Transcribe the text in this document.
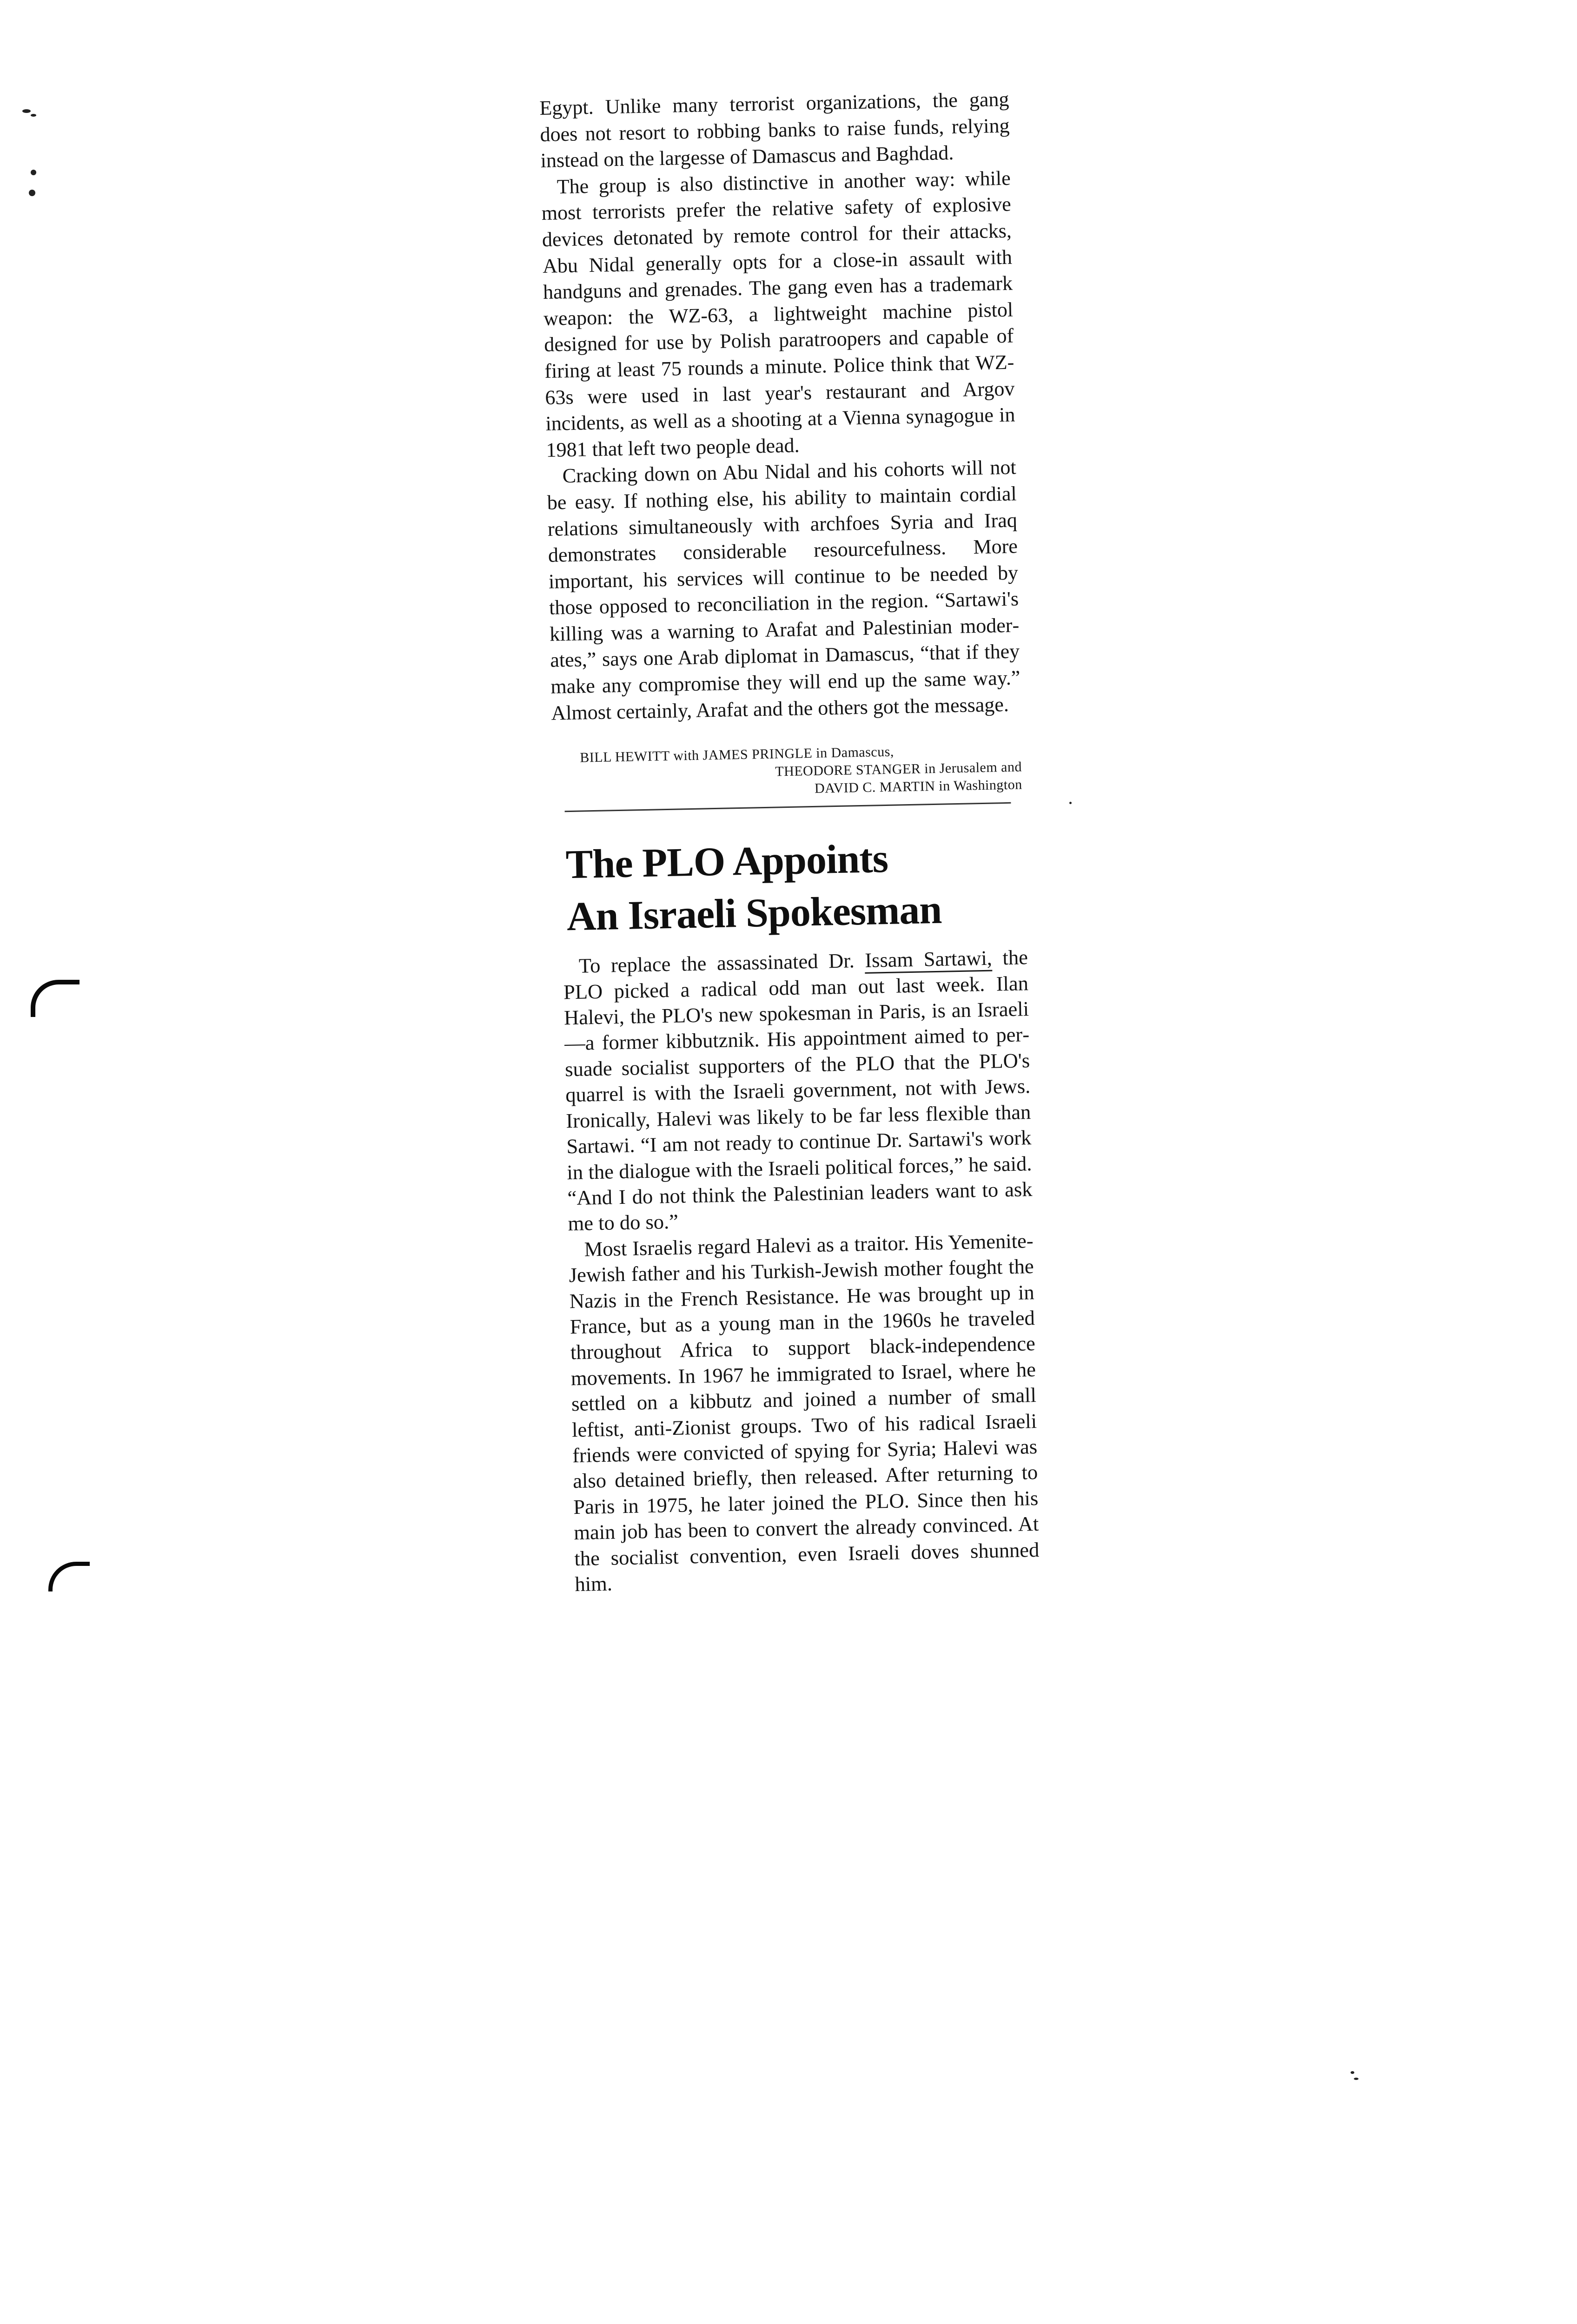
Egypt. Unlike many terrorist organizations, the gang does not resort to robbing banks to raise funds, relying instead on the largesse of Damascus and Baghdad.

The group is also distinctive in another way: while most terrorists prefer the relative safety of explosive devices detonated by remote control for their attacks, Abu Nidal generally opts for a close-in assault with handguns and grenades. The gang even has a trademark weapon: the WZ-63, a lightweight machine pistol designed for use by Polish paratroopers and capable of firing at least 75 rounds a minute. Police think that WZ-63s were used in last year's restaurant and Argov incidents, as well as a shooting at a Vienna synagogue in 1981 that left two people dead.

Cracking down on Abu Nidal and his cohorts will not be easy. If nothing else, his ability to maintain cordial relations simultaneously with archfoes Syria and Iraq demonstrates considerable resourcefulness. More important, his services will continue to be needed by those opposed to reconciliation in the region. “Sartawi's killing was a warning to Arafat and Palestinian moderates,” says one Arab diplomat in Damascus, “that if they make any compromise they will end up the same way.” Almost certainly, Arafat and the others got the message.

BILL HEWITT with JAMES PRINGLE in Damascus,
THEODORE STANGER in Jerusalem and
DAVID C. MARTIN in Washington
The PLO Appoints
An Israeli Spokesman

To replace the assassinated Dr. Issam Sartawi, the PLO picked a radical odd man out last week. Ilan Halevi, the PLO's new spokesman in Paris, is an Israeli—a former kibbutznik. His appointment aimed to persuade socialist supporters of the PLO that the PLO's quarrel is with the Israeli government, not with Jews. Ironically, Halevi was likely to be far less flexible than Sartawi. “I am not ready to continue Dr. Sartawi's work in the dialogue with the Israeli political forces,” he said. “And I do not think the Palestinian leaders want to ask me to do so.”

Most Israelis regard Halevi as a traitor. His Yemenite-Jewish father and his Turkish-Jewish mother fought the Nazis in the French Resistance. He was brought up in France, but as a young man in the 1960s he traveled throughout Africa to support black-independence movements. In 1967 he immigrated to Israel, where he settled on a kibbutz and joined a number of small leftist, anti-Zionist groups. Two of his radical Israeli friends were convicted of spying for Syria; Halevi was also detained briefly, then released. After returning to Paris in 1975, he later joined the PLO. Since then his main job has been to convert the already convinced. At the socialist convention, even Israeli doves shunned him.
